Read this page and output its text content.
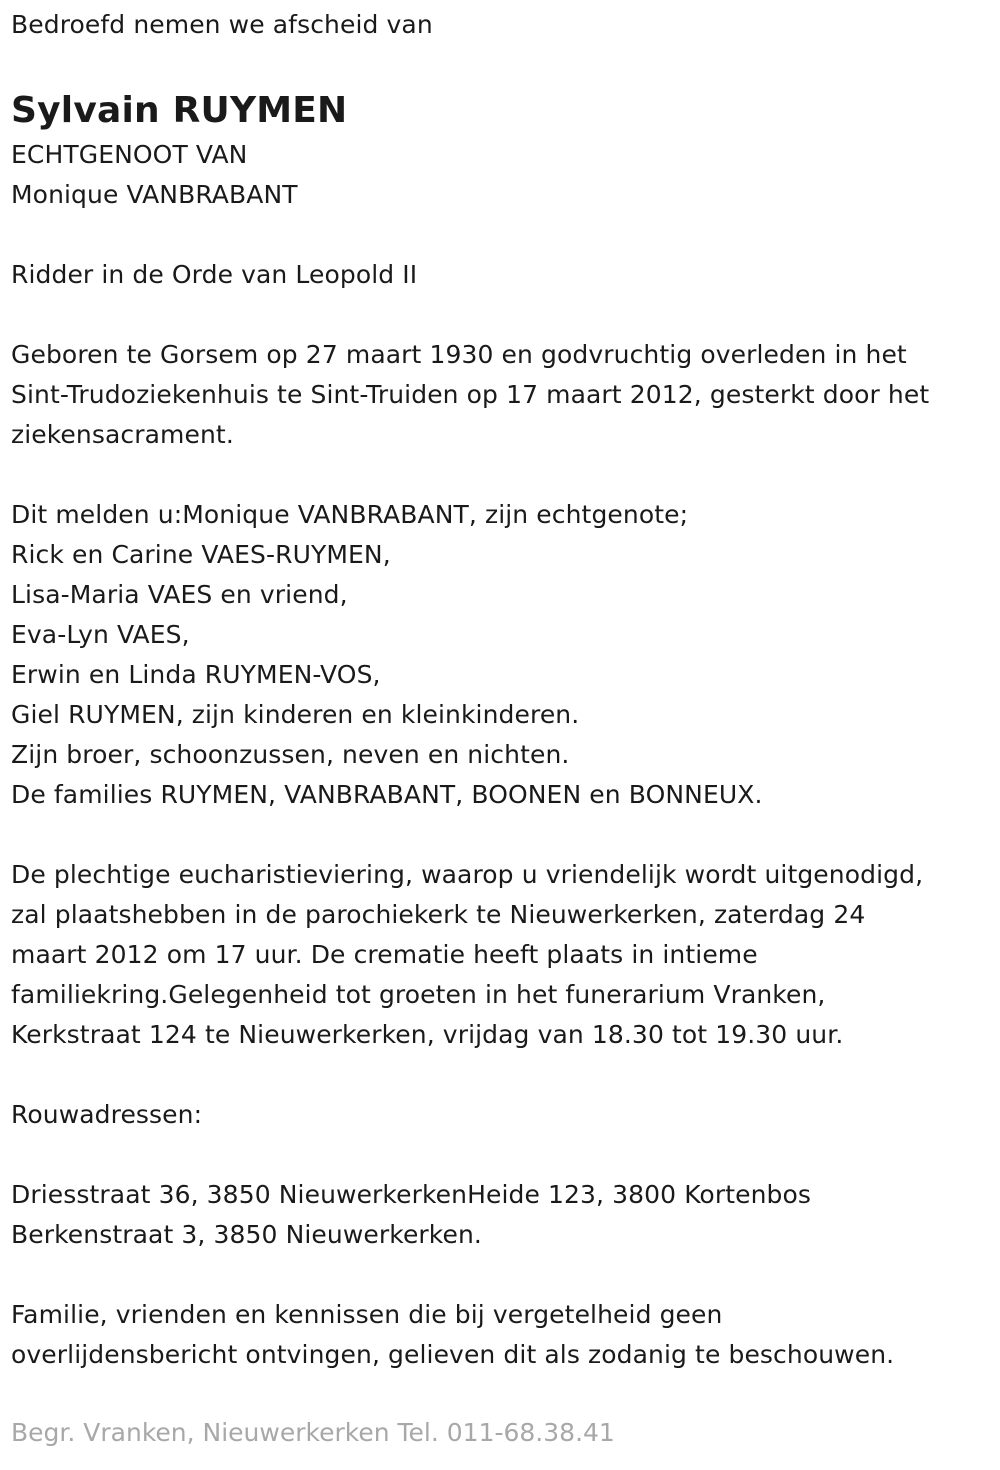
Bedroefd nemen we afscheid van
Sylvain RUYMEN
ECHTGENOOT VAN
Monique VANBRABANT
Ridder in de Orde van Leopold II
Geboren te Gorsem op 27 maart 1930 en godvruchtig overleden in het
Sint-Trudoziekenhuis te Sint-Truiden op 17 maart 2012, gesterkt door het
ziekensacrament.
Dit melden u:Monique VANBRABANT, zijn echtgenote;
Rick en Carine VAES-RUYMEN,
Lisa-Maria VAES en vriend,
Eva-Lyn VAES,
Erwin en Linda RUYMEN-VOS,
Giel RUYMEN, zijn kinderen en kleinkinderen.
Zijn broer, schoonzussen, neven en nichten.
De families RUYMEN, VANBRABANT, BOONEN en BONNEUX.
De plechtige eucharistieviering, waarop u vriendelijk wordt uitgenodigd,
zal plaatshebben in de parochiekerk te Nieuwerkerken, zaterdag 24
maart 2012 om 17 uur. De crematie heeft plaats in intieme
familiekring.Gelegenheid tot groeten in het funerarium Vranken,
Kerkstraat 124 te Nieuwerkerken, vrijdag van 18.30 tot 19.30 uur.
Rouwadressen:
Driesstraat 36, 3850 NieuwerkerkenHeide 123, 3800 Kortenbos
Berkenstraat 3, 3850 Nieuwerkerken.
Familie, vrienden en kennissen die bij vergetelheid geen
overlijdensbericht ontvingen, gelieven dit als zodanig te beschouwen.
Begr. Vranken, Nieuwerkerken Tel. 011-68.38.41
